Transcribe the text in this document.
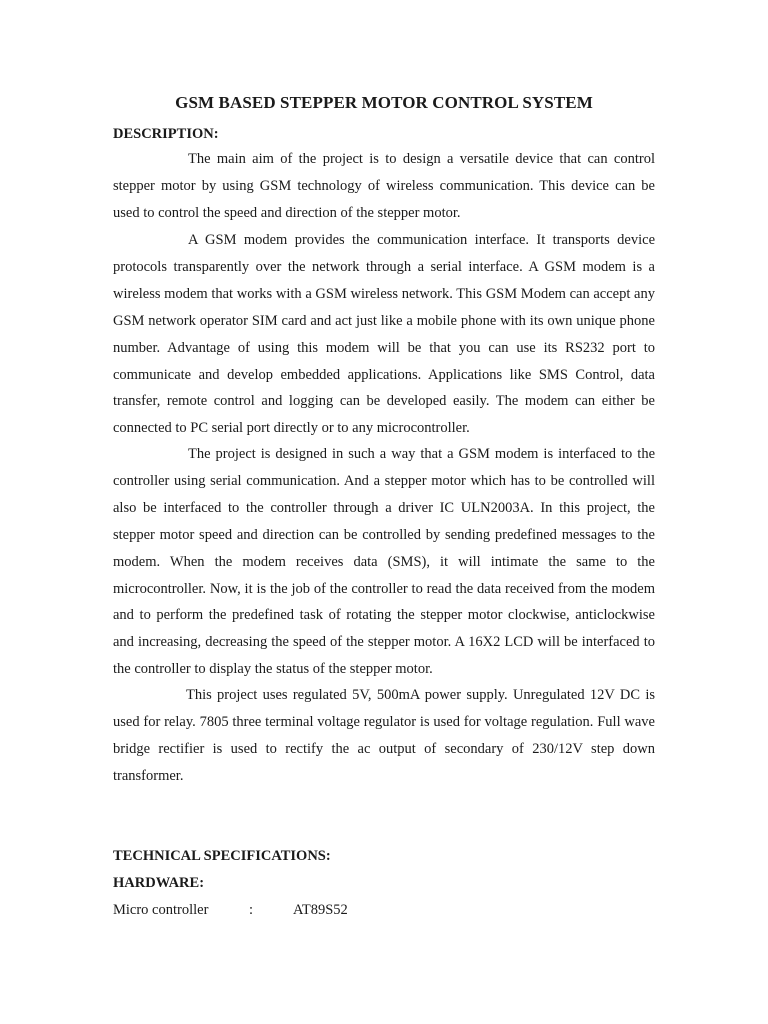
GSM BASED STEPPER MOTOR CONTROL SYSTEM
DESCRIPTION:

The main aim of the project is to design a versatile device that can control stepper motor by using GSM technology of wireless communication. This device can be used to control the speed and direction of the stepper motor.

A GSM modem provides the communication interface. It transports device protocols transparently over the network through a serial interface. A GSM modem is a wireless modem that works with a GSM wireless network. This GSM Modem can accept any GSM network operator SIM card and act just like a mobile phone with its own unique phone number. Advantage of using this modem will be that you can use its RS232 port to communicate and develop embedded applications. Applications like SMS Control, data transfer, remote control and logging can be developed easily. The modem can either be connected to PC serial port directly or to any microcontroller.

The project is designed in such a way that a GSM modem is interfaced to the controller using serial communication. And a stepper motor which has to be controlled will also be interfaced to the controller through a driver IC ULN2003A. In this project, the stepper motor speed and direction can be controlled by sending predefined messages to the modem. When the modem receives data (SMS), it will intimate the same to the microcontroller. Now, it is the job of the controller to read the data received from the modem and to perform the predefined task of rotating the stepper motor clockwise, anticlockwise and increasing, decreasing the speed of the stepper motor. A 16X2 LCD will be interfaced to the controller to display the status of the stepper motor.

This project uses regulated 5V, 500mA power supply. Unregulated 12V DC is used for relay. 7805 three terminal voltage regulator is used for voltage regulation. Full wave bridge rectifier is used to rectify the ac output of secondary of 230/12V step down transformer.

TECHNICAL SPECIFICATIONS:
HARDWARE:
Micro controller	:	AT89S52
